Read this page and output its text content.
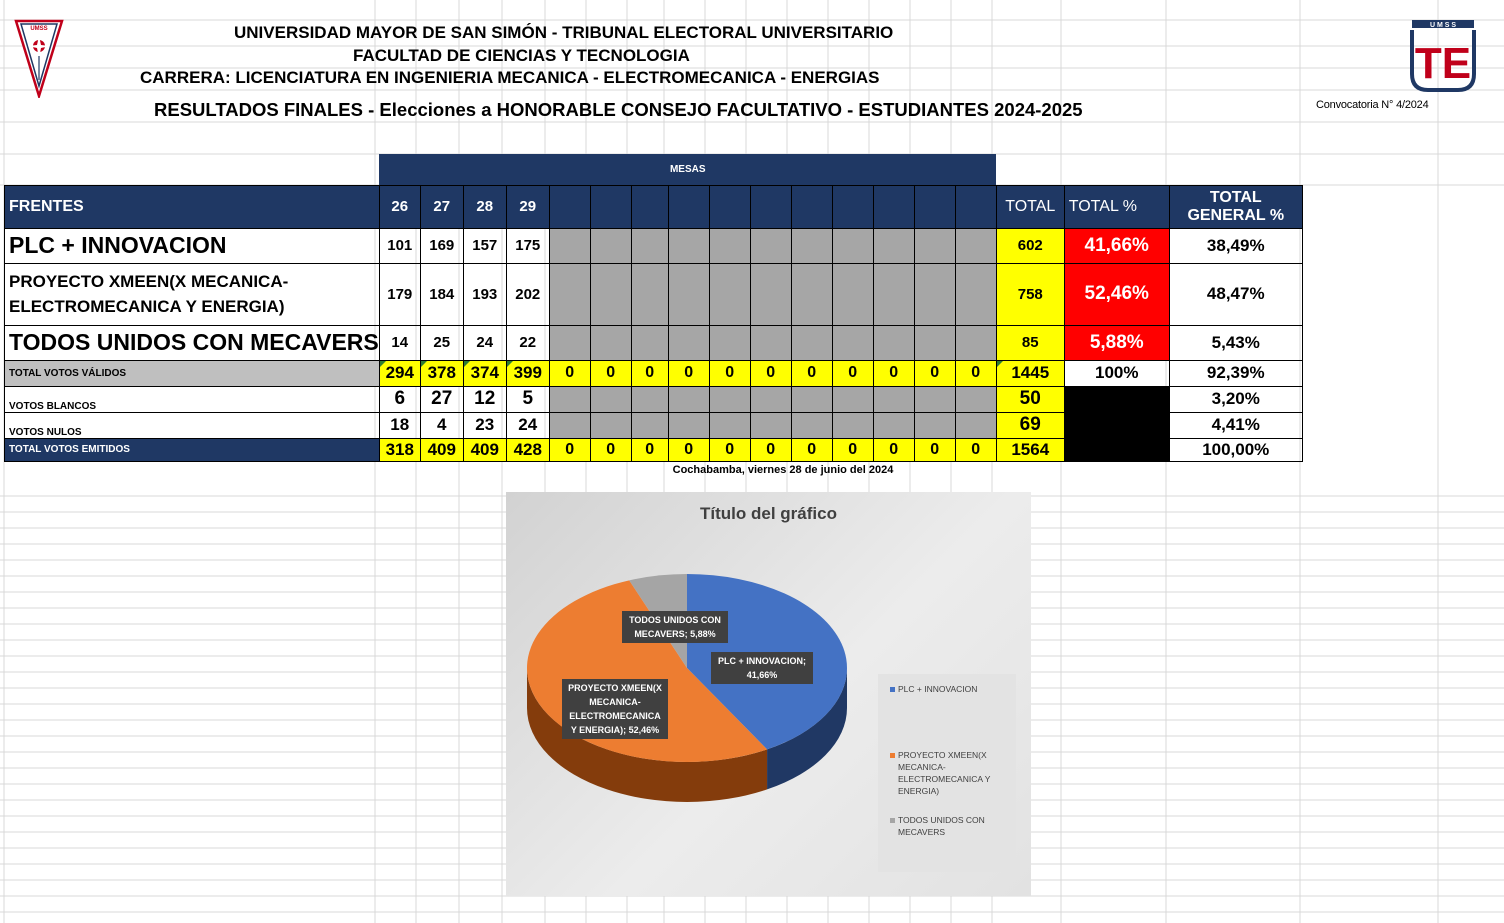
UMSS	U M S S
TE
UNIVERSIDAD MAYOR DE SAN SIMÓN - TRIBUNAL ELECTORAL UNIVERSITARIO
FACULTAD DE CIENCIAS Y TECNOLOGIA
CARRERA: LICENCIATURA EN INGENIERIA MECANICA - ELECTROMECANICA - ENERGIAS
RESULTADOS FINALES - Elecciones a HONORABLE CONSEJO FACULTATIVO - ESTUDIANTES 2024-2025	Convocatoria N° 4/2024
	MESAS																	
FRENTES	26	27	28	29												TOTAL	TOTAL %	TOTAL
GENERAL %

PLC + INNOVACION	101	169	157	175												602	41,66%	38,49%

PROYECTO XMEEN(X MECANICA-
ELECTROMECANICA Y ENERGIA)	179	184	193	202												758	52,46%	48,47%
TODOS UNIDOS CON MECAVERS	14	25	24	22												85	5,88%	5,43%
TOTAL VOTOS VÁLIDOS	294	378	374	399	0	0	0	0	0	0	0	0	0	0	0	1445	100%	92,39%
VOTOS BLANCOS	6	27	12	5												50		3,20%
VOTOS NULOS	18	4	23	24												69		4,41%
TOTAL VOTOS EMITIDOS	318	409	409	428	0	0	0	0	0	0	0	0	0	0	0	1564		100,00%
Cochabamba, viernes 28 de junio del 2024
Título del gráfico
TODOS UNIDOS CON
MECAVERS; 5,88%
PLC + INNOVACION;
41,66%
PROYECTO XMEEN(X
MECANICA-
ELECTROMECANICA
Y ENERGIA); 52,46%
PLC + INNOVACION
PROYECTO XMEEN(X
MECANICA-
ELECTROMECANICA Y
ENERGIA)
TODOS UNIDOS CON
MECAVERS
